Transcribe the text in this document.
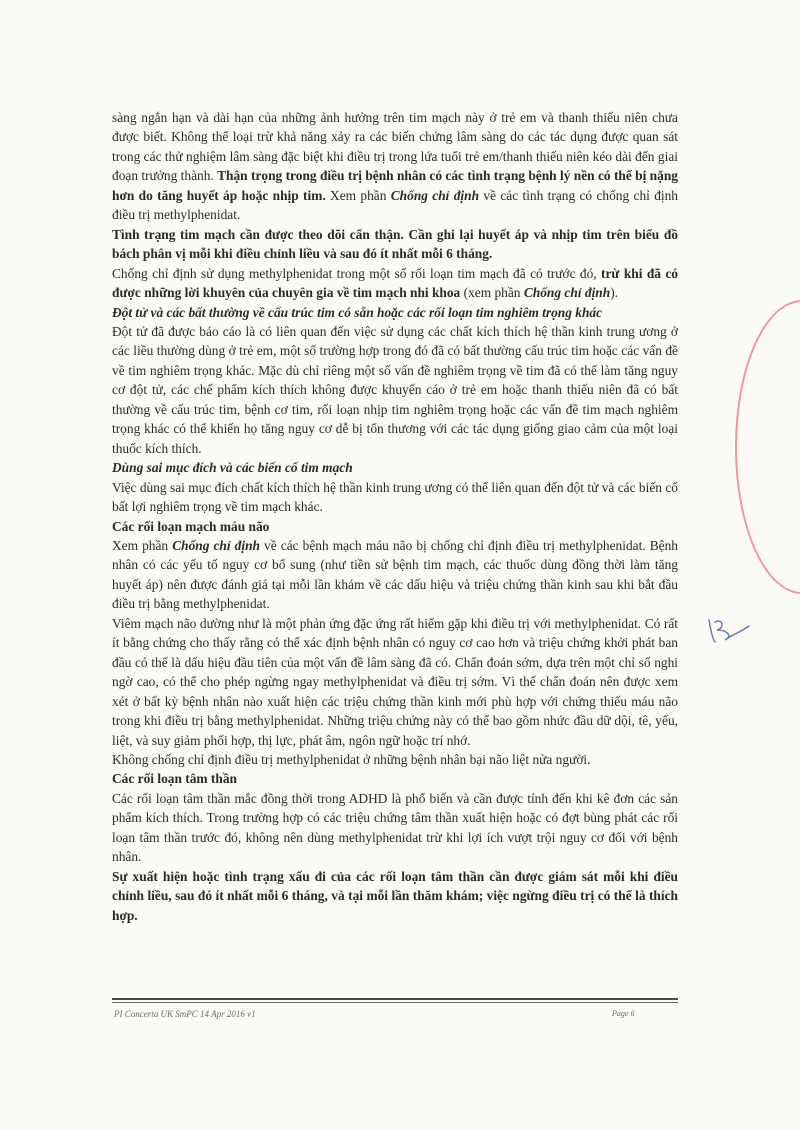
sàng ngắn hạn và dài hạn của những ảnh hưởng trên tim mạch này ở trẻ em và thanh thiếu niên chưa được biết. Không thể loại trừ khả năng xảy ra các biến chứng lâm sàng do các tác dụng được quan sát trong các thử nghiệm lâm sàng đặc biệt khi điều trị trong lứa tuổi trẻ em/thanh thiếu niên kéo dài đến giai đoạn trưởng thành. Thận trọng trong điều trị bệnh nhân có các tình trạng bệnh lý nền có thể bị nặng hơn do tăng huyết áp hoặc nhịp tim. Xem phần Chống chỉ định về các tình trạng có chống chỉ định điều trị methylphenidat.

Tình trạng tim mạch cần được theo dõi cẩn thận. Cần ghi lại huyết áp và nhịp tim trên biểu đồ bách phân vị mỗi khi điều chỉnh liều và sau đó ít nhất mỗi 6 tháng.

Chống chỉ định sử dụng methylphenidat trong một số rối loạn tim mạch đã có trước đó, trừ khi đã có được những lời khuyên của chuyên gia về tim mạch nhi khoa (xem phần Chống chỉ định).

Đột tử và các bất thường về cấu trúc tim có sẵn hoặc các rối loạn tim nghiêm trọng khác

Đột tử đã được báo cáo là có liên quan đến việc sử dụng các chất kích thích hệ thần kinh trung ương ở các liều thường dùng ở trẻ em, một số trường hợp trong đó đã có bất thường cấu trúc tim hoặc các vấn đề về tim nghiêm trọng khác. Mặc dù chỉ riêng một số vấn đề nghiêm trọng về tim đã có thể làm tăng nguy cơ đột tử, các chế phẩm kích thích không được khuyến cáo ở trẻ em hoặc thanh thiếu niên đã có bất thường về cấu trúc tim, bệnh cơ tim, rối loạn nhịp tim nghiêm trọng hoặc các vấn đề tim mạch nghiêm trọng khác có thể khiến họ tăng nguy cơ dễ bị tổn thương với các tác dụng giống giao cảm của một loại thuốc kích thích.

Dùng sai mục đích và các biến cố tim mạch

Việc dùng sai mục đích chất kích thích hệ thần kinh trung ương có thể liên quan đến đột tử và các biến cố bất lợi nghiêm trọng về tim mạch khác.

Các rối loạn mạch máu não

Xem phần Chống chỉ định về các bệnh mạch máu não bị chống chỉ định điều trị methylphenidat. Bệnh nhân có các yếu tố nguy cơ bổ sung (như tiền sử bệnh tim mạch, các thuốc dùng đồng thời làm tăng huyết áp) nên được đánh giá tại mỗi lần khám về các dấu hiệu và triệu chứng thần kinh sau khi bắt đầu điều trị bằng methylphenidat.

Viêm mạch não dường như là một phản ứng đặc ứng rất hiếm gặp khi điều trị với methylphenidat. Có rất ít bằng chứng cho thấy rằng có thể xác định bệnh nhân có nguy cơ cao hơn và triệu chứng khởi phát ban đầu có thể là dấu hiệu đầu tiên của một vấn đề lâm sàng đã có. Chẩn đoán sớm, dựa trên một chỉ số nghi ngờ cao, có thể cho phép ngừng ngay methylphenidat và điều trị sớm. Vì thế chẩn đoán nên được xem xét ở bất kỳ bệnh nhân nào xuất hiện các triệu chứng thần kinh mới phù hợp với chứng thiếu máu não trong khi điều trị bằng methylphenidat. Những triệu chứng này có thể bao gồm nhức đầu dữ dội, tê, yếu, liệt, và suy giảm phối hợp, thị lực, phát âm, ngôn ngữ hoặc trí nhớ.

Không chống chỉ định điều trị methylphenidat ở những bệnh nhân bại não liệt nửa người.

Các rối loạn tâm thần

Các rối loạn tâm thần mắc đồng thời trong ADHD là phổ biến và cần được tính đến khi kê đơn các sản phẩm kích thích. Trong trường hợp có các triệu chứng tâm thần xuất hiện hoặc có đợt bùng phát các rối loạn tâm thần trước đó, không nên dùng methylphenidat trừ khi lợi ích vượt trội nguy cơ đối với bệnh nhân.

Sự xuất hiện hoặc tình trạng xấu đi của các rối loạn tâm thần cần được giám sát mỗi khi điều chỉnh liều, sau đó ít nhất mỗi 6 tháng, và tại mỗi lần thăm khám; việc ngừng điều trị có thể là thích hợp.

PI Concerta UK SmPC 14 Apr 2016 v1	Page 6
